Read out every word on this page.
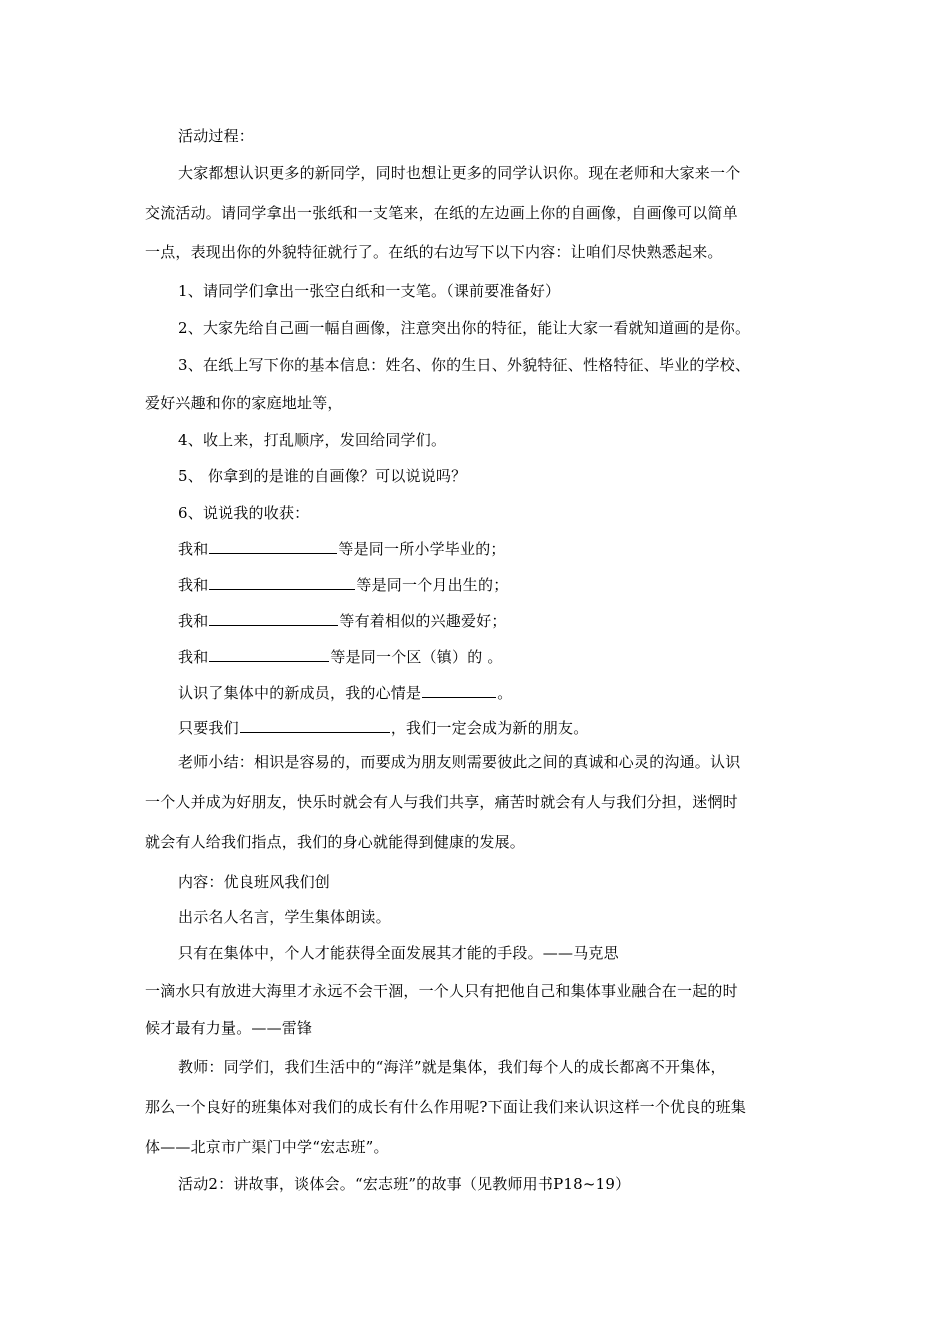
活动过程：
大家都想认识更多的新同学，同时也想让更多的同学认识你。现在老师和大家来一个
交流活动。请同学拿出一张纸和一支笔来，在纸的左边画上你的自画像，自画像可以简单
一点，表现出你的外貌特征就行了。在纸的右边写下以下内容：让咱们尽快熟悉起来。
1、请同学们拿出一张空白纸和一支笔。（课前要准备好）
2、大家先给自己画一幅自画像，注意突出你的特征，能让大家一看就知道画的是你。
3、在纸上写下你的基本信息：姓名、你的生日、外貌特征、性格特征、毕业的学校、
爱好兴趣和你的家庭地址等，
4、收上来，打乱顺序，发回给同学们。
5、 你拿到的是谁的自画像？可以说说吗？
6、说说我的收获：
我和	等是同一所小学毕业的；
我和	等是同一个月出生的；
我和	等有着相似的兴趣爱好；
我和	等是同一个区（镇）的 。
认识了集体中的新成员，我的心情是	。
只要我们	，我们一定会成为新的朋友。
老师小结：相识是容易的，而要成为朋友则需要彼此之间的真诚和心灵的沟通。认识
一个人并成为好朋友，快乐时就会有人与我们共享，痛苦时就会有人与我们分担，迷惘时
就会有人给我们指点，我们的身心就能得到健康的发展。
内容：优良班风我们创
出示名人名言，学生集体朗读。
只有在集体中，个人才能获得全面发展其才能的手段。——马克思
一滴水只有放进大海里才永远不会干涸，一个人只有把他自己和集体事业融合在一起的时
候才最有力量。——雷锋
教师：同学们，我们生活中的“海洋”就是集体，我们每个人的成长都离不开集体，
那么一个良好的班集体对我们的成长有什么作用呢?下面让我们来认识这样一个优良的班集
体——北京市广渠门中学“宏志班”。
活动2：讲故事，谈体会。“宏志班”的故事（见教师用书P18~19）
